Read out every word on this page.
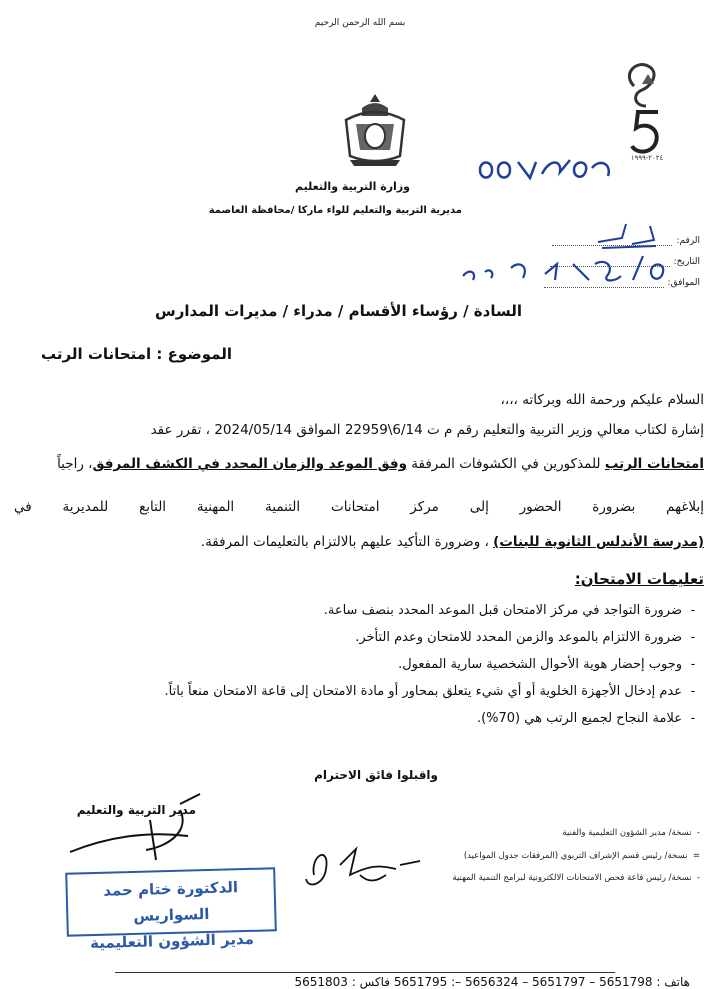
بسم الله الرحمن الرحيم
٢٠٢٤-١٩٩٩
وزارة التربية والتعليم
مديرية التربية والتعليم للواء ماركا /محافظة العاصمة
الرقم:
التاريخ:
الموافق:
السادة / رؤساء الأقسام / مدراء / مديرات المدارس
الموضوع : امتحانات الرتب
السلام عليكم ورحمة الله وبركاته ،،،،
إشارة لكتاب معالي وزير التربية والتعليم رقم م ت 6/14\22959 الموافق 2024/05/14 ، تقرر عقد
امتحانات الرتب للمذكورين في الكشوفات المرفقة وفق الموعد والزمان المحدد في الكشف المرفق، راجياً
إبلاغهم بضرورة الحضور إلى مركز امتحانات التنمية المهنية التابع للمديرية في
(مدرسة الأندلس الثانوية للبنات) ، وضرورة التأكيد عليهم بالالتزام بالتعليمات المرفقة.
تعليمات الامتحان:
-ضرورة التواجد في مركز الامتحان قبل الموعد المحدد بنصف ساعة.
-ضرورة الالتزام بالموعد والزمن المحدد للامتحان وعدم التأخر.
-وجوب إحضار هوية الأحوال الشخصية سارية المفعول.
-عدم إدخال الأجهزة الخلوية أو أي شيء يتعلق بمحاور أو مادة الامتحان إلى قاعة الامتحان منعاً باتاً.
-علامة النجاح لجميع الرتب هي (70%).
واقبلوا فائق الاحترام
مدير التربية والتعليم
الدكتورة ختام حمد السواريس
مدير الشؤون التعليمية
-  نسخة/ مدير الشؤون التعليمية والفنية
=  نسخة/ رئيس قسم الإشراف التربوي (المرفقات جدول المواعيد)
-  نسخة/ رئيس قاعة فحص الامتحانات الالكترونية لبرامج التنمية المهنية
هاتف : 5651798 – 5651797 – 5656324 –: 5651795 فاكس : 5651803
